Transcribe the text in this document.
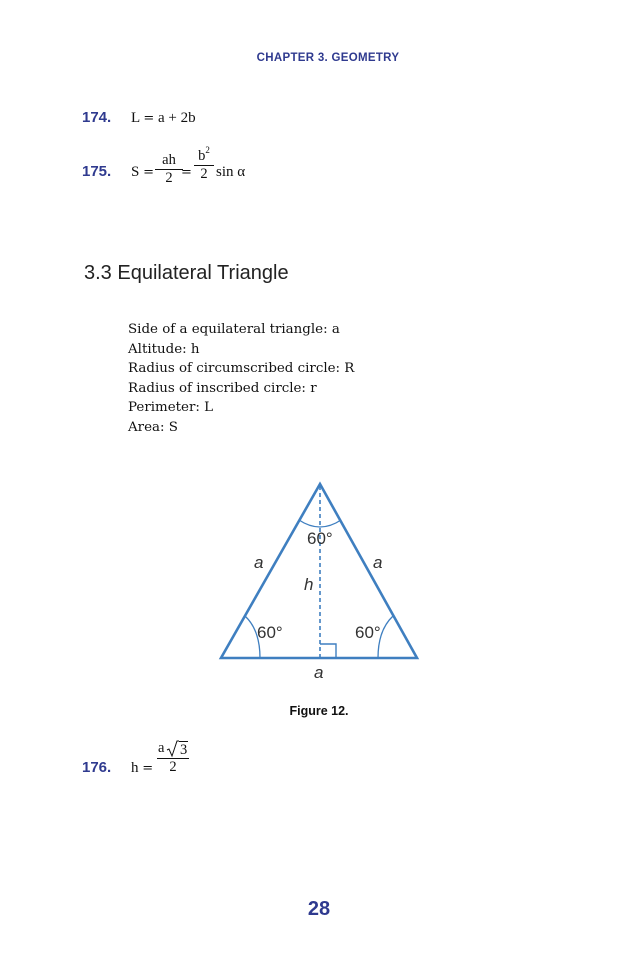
CHAPTER 3. GEOMETRY
174. L = a + 2b
175. S =
ah
2 =
$b^2$
2 sin α
3.3 Equilateral Triangle
Side of a equilateral triangle: a
Altitude: h
Radius of circumscribed circle: R
Radius of inscribed circle: r
Perimeter: L
Area: S
60°
60°	60°
a	a
h
a
Figure 12.
176. h =
a 3
2
28
